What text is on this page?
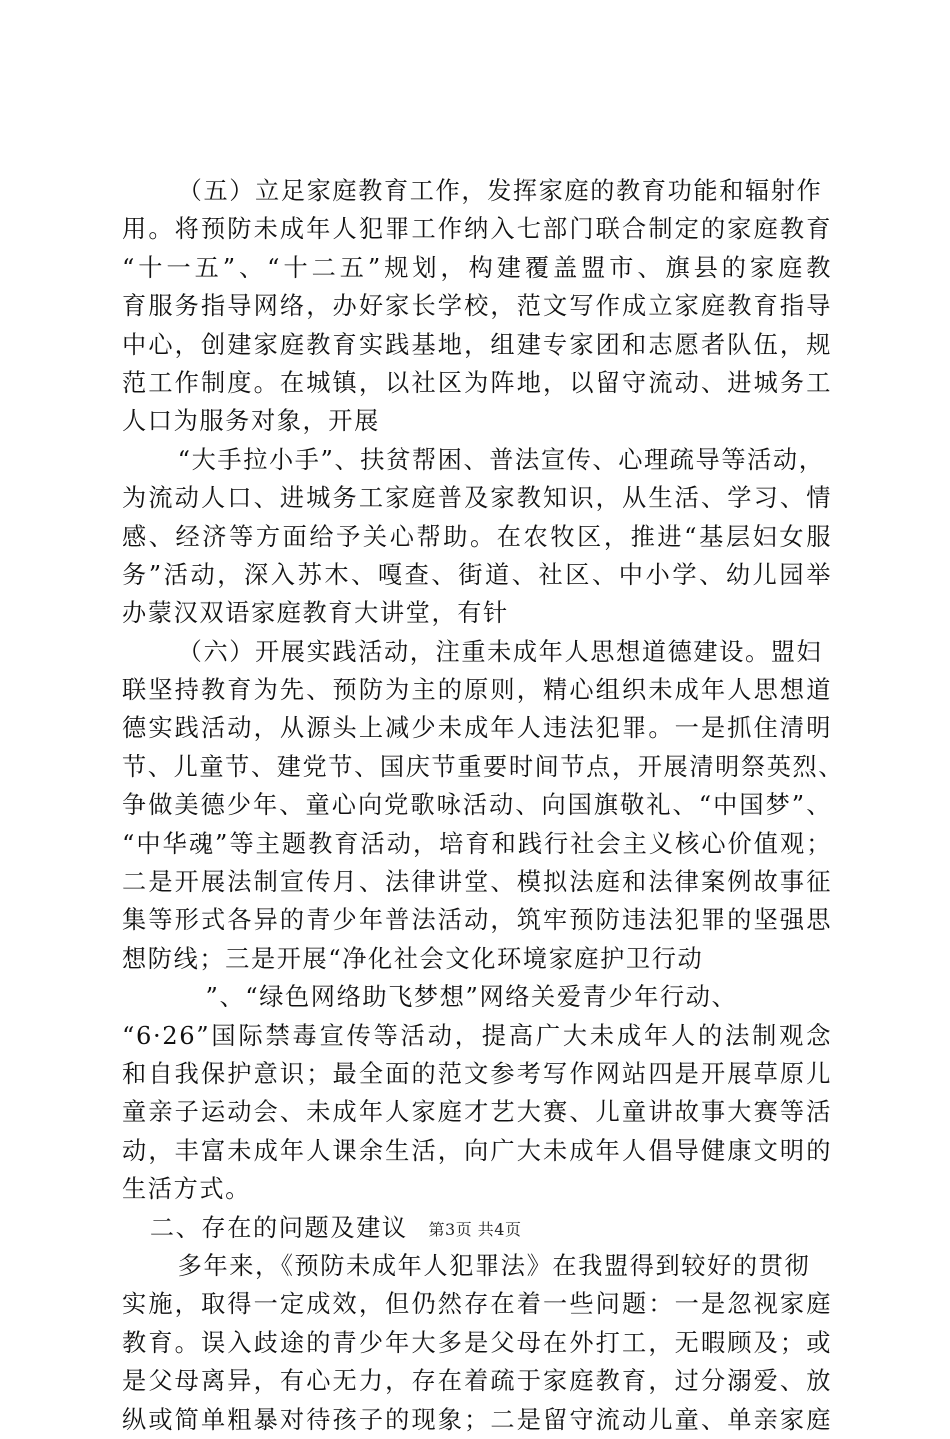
（五）立足家庭教育工作，发挥家庭的教育功能和辐射作
用。将预防未成年人犯罪工作纳入七部门联合制定的家庭教育
“十一五”、“十二五”规划，构建覆盖盟市、旗县的家庭教
育服务指导网络，办好家长学校，范文写作成立家庭教育指导
中心，创建家庭教育实践基地，组建专家团和志愿者队伍，规
范工作制度。在城镇，以社区为阵地，以留守流动、进城务工
人口为服务对象，开展
“大手拉小手”、扶贫帮困、普法宣传、心理疏导等活动，
为流动人口、进城务工家庭普及家教知识，从生活、学习、情
感、经济等方面给予关心帮助。在农牧区，推进“基层妇女服
务”活动，深入苏木、嘎查、街道、社区、中小学、幼儿园举
办蒙汉双语家庭教育大讲堂，有针
（六）开展实践活动，注重未成年人思想道德建设。盟妇
联坚持教育为先、预防为主的原则，精心组织未成年人思想道
德实践活动，从源头上减少未成年人违法犯罪。一是抓住清明
节、儿童节、建党节、国庆节重要时间节点，开展清明祭英烈、
争做美德少年、童心向党歌咏活动、向国旗敬礼、“中国梦”、
“中华魂”等主题教育活动，培育和践行社会主义核心价值观；
二是开展法制宣传月、法律讲堂、模拟法庭和法律案例故事征
集等形式各异的青少年普法活动，筑牢预防违法犯罪的坚强思
想防线；三是开展“净化社会文化环境家庭护卫行动
”、“绿色网络助飞梦想”网络关爱青少年行动、
“6·26”国际禁毒宣传等活动，提高广大未成年人的法制观念
和自我保护意识；最全面的范文参考写作网站四是开展草原儿
童亲子运动会、未成年人家庭才艺大赛、儿童讲故事大赛等活
动，丰富未成年人课余生活，向广大未成年人倡导健康文明的
生活方式。
二、存在的问题及建议
多年来，《预防未成年人犯罪法》在我盟得到较好的贯彻
实施，取得一定成效，但仍然存在着一些问题：一是忽视家庭
教育。误入歧途的青少年大多是父母在外打工，无暇顾及；或
是父母离异，有心无力，存在着疏于家庭教育，过分溺爱、放
纵或简单粗暴对待孩子的现象；二是留守流动儿童、单亲家庭
第3页 共4页
